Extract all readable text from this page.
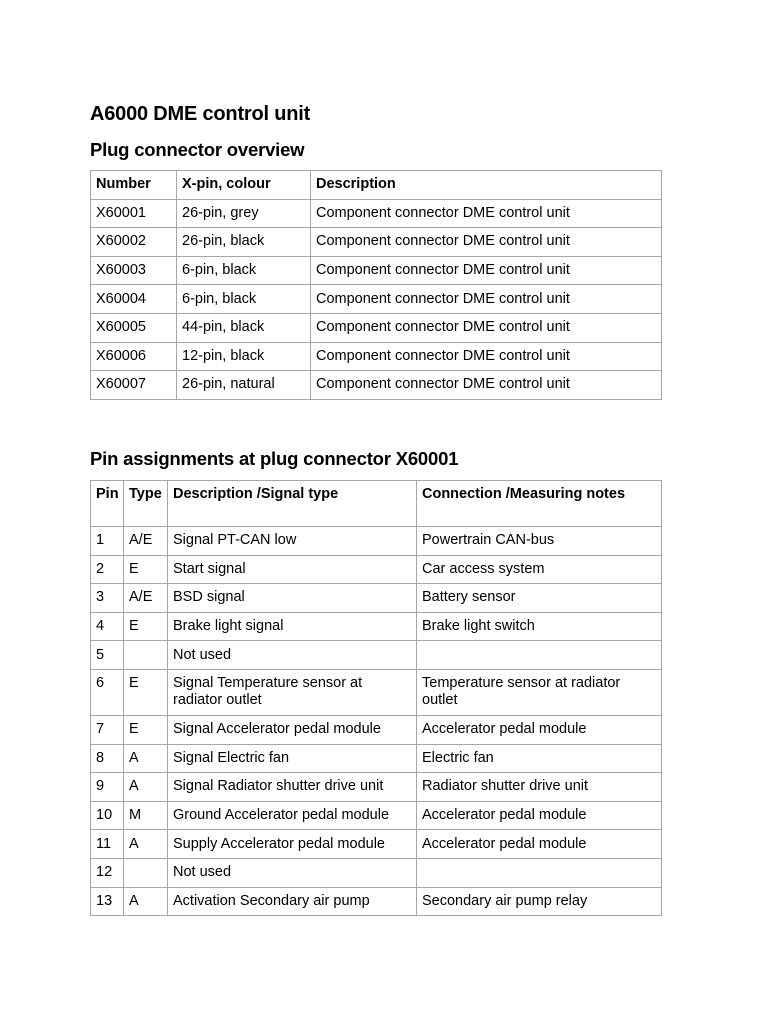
A6000 DME control unit
Plug connector overview
Number	X-pin, colour	Description
X60001	26-pin, grey	Component connector DME control unit
X60002	26-pin, black	Component connector DME control unit
X60003	6-pin, black	Component connector DME control unit
X60004	6-pin, black	Component connector DME control unit
X60005	44-pin, black	Component connector DME control unit
X60006	12-pin, black	Component connector DME control unit
X60007	26-pin, natural	Component connector DME control unit
Pin assignments at plug connector X60001
Pin	Type	Description /Signal type	Connection /Measuring notes
1	A/E	Signal PT-CAN low	Powertrain CAN-bus
2	E	Start signal	Car access system
3	A/E	BSD signal	Battery sensor
4	E	Brake light signal	Brake light switch
5		Not used	
6	E	Signal Temperature sensor at radiator outlet	Temperature sensor at radiator outlet
7	E	Signal Accelerator pedal module	Accelerator pedal module
8	A	Signal Electric fan	Electric fan
9	A	Signal Radiator shutter drive unit	Radiator shutter drive unit
10	M	Ground Accelerator pedal module	Accelerator pedal module
11	A	Supply Accelerator pedal module	Accelerator pedal module
12		Not used	
13	A	Activation Secondary air pump	Secondary air pump relay
